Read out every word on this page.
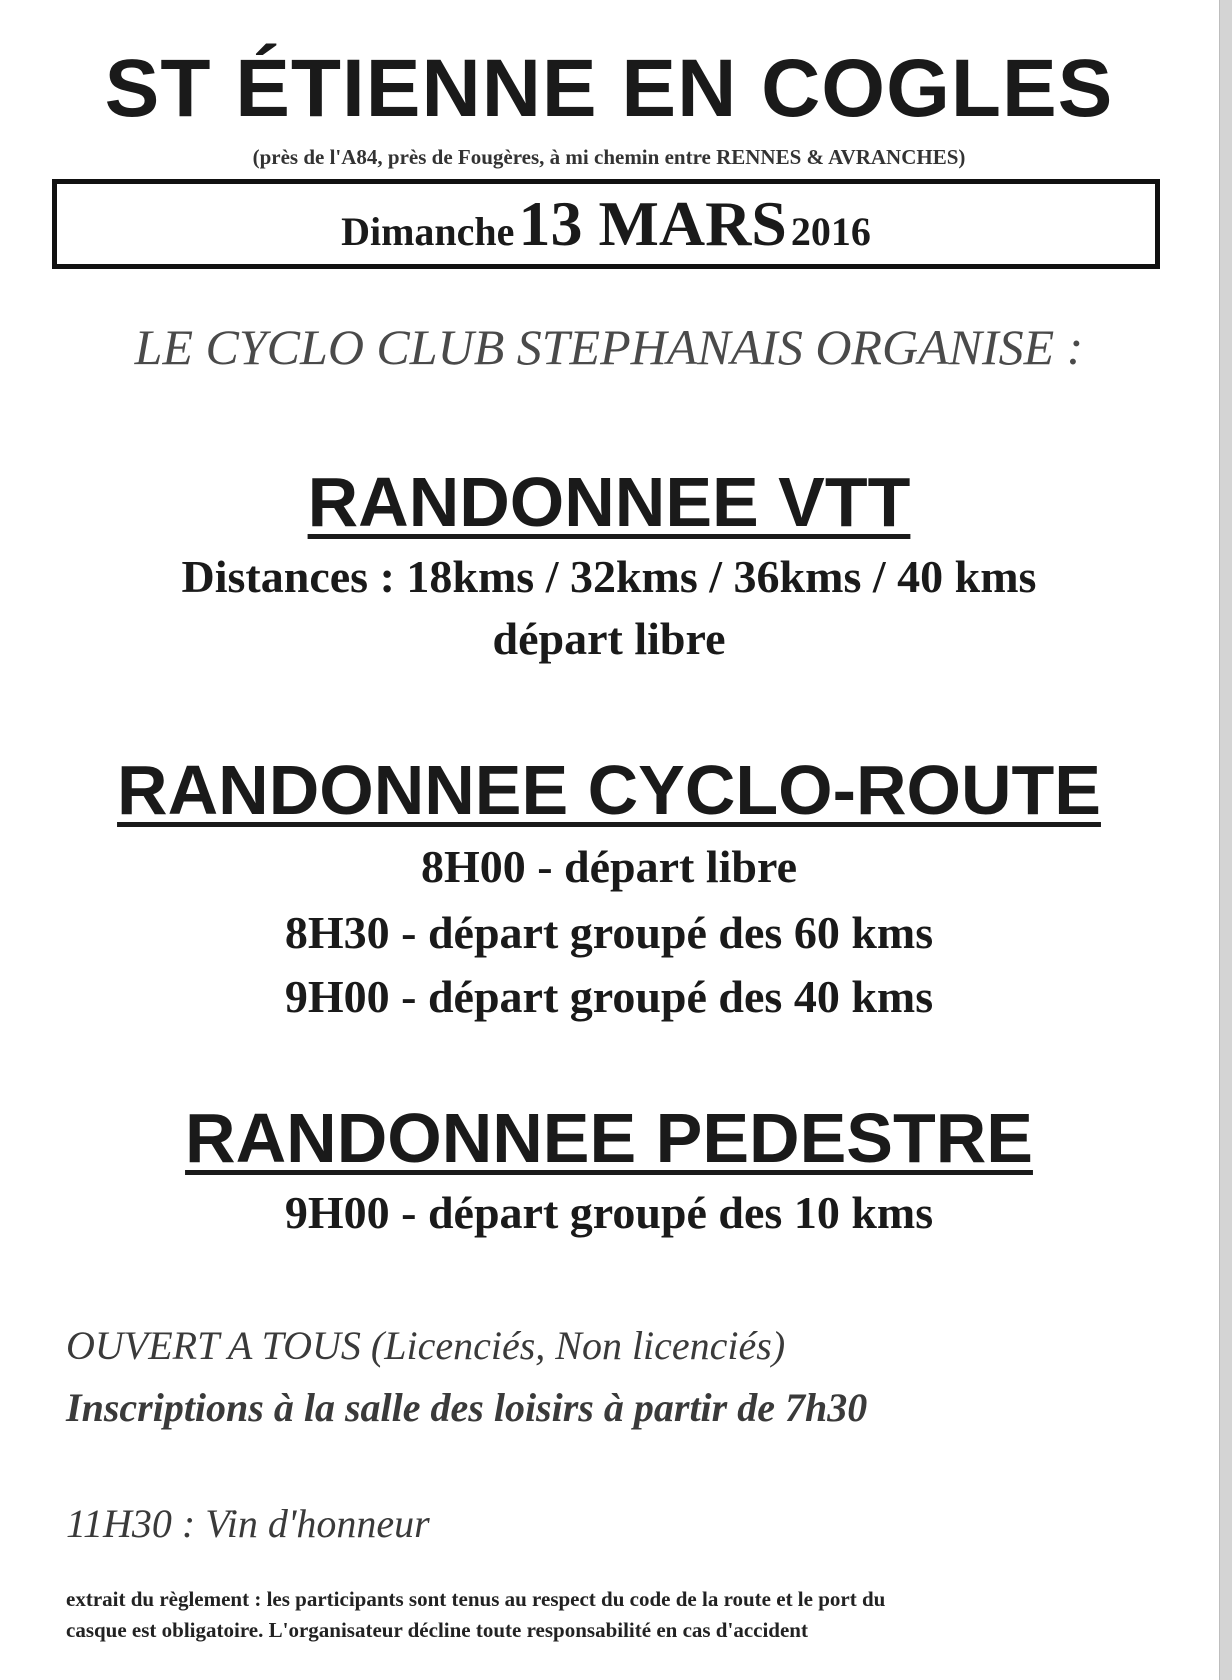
ST ÉTIENNE EN COGLES
(près de l'A84, près de Fougères, à mi chemin entre RENNES & AVRANCHES)
Dimanche 13 MARS 2016
LE CYCLO CLUB STEPHANAIS ORGANISE :
RANDONNEE VTT
Distances : 18kms / 32kms / 36kms / 40 kms
départ libre
RANDONNEE CYCLO-ROUTE
8H00 - départ libre
8H30 - départ groupé des 60 kms
9H00 - départ groupé des 40 kms
RANDONNEE PEDESTRE
9H00 - départ groupé des 10 kms
OUVERT A TOUS (Licenciés, Non licenciés)
Inscriptions à la salle des loisirs à partir de 7h30
11H30 : Vin d'honneur
extrait du règlement : les participants sont tenus au respect du code de la route et le port du
casque est obligatoire. L'organisateur décline toute responsabilité en cas d'accident
